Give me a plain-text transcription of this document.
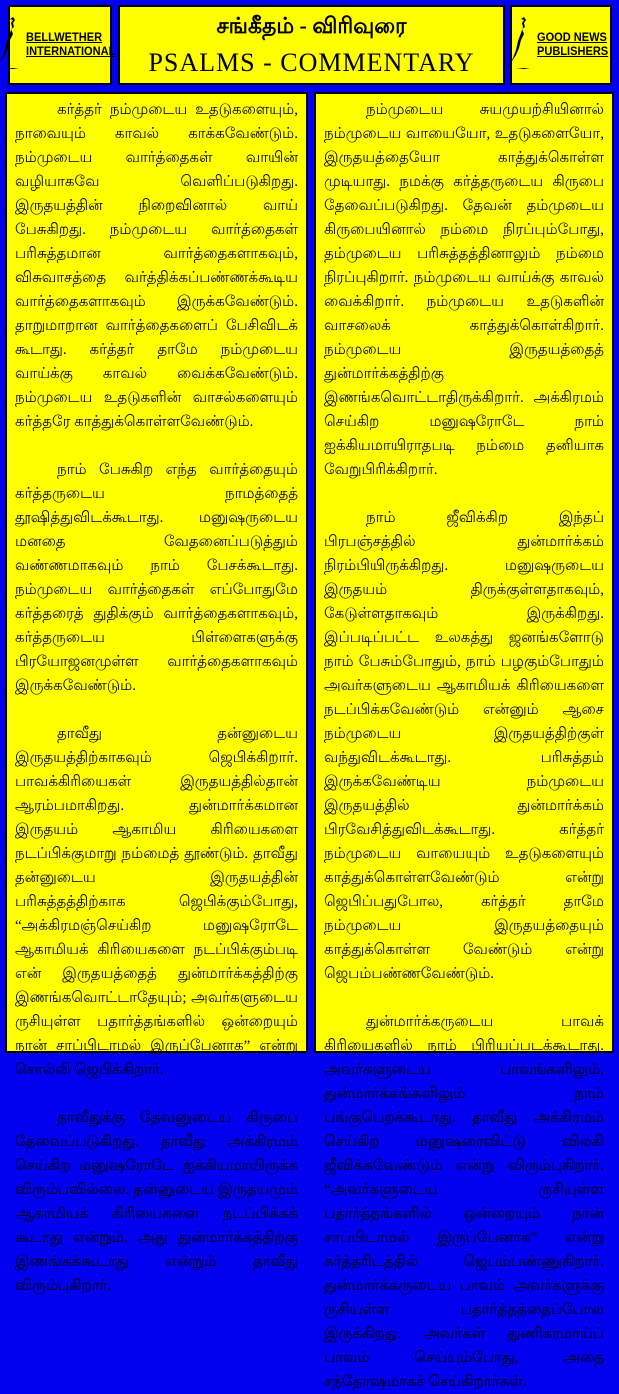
BELLWETHER
INTERNATIONAL
சங்கீதம் - விரிவுரை
PSALMS - COMMENTARY
GOOD NEWS
PUBLISHERS

கர்த்தர் நம்முடைய உதடுகளையும், நாவையும் காவல் காக்கவேண்டும். நம்முடைய வார்த்தைகள் வாயின் வழியாகவே வெளிப்படுகிறது. இருதயத்தின் நிறைவினால் வாய் பேசுகிறது. நம்முடைய வார்த்தைகள் பரிசுத்தமான வார்த்தைகளாகவும், விசுவாசத்தை வர்த்திக்கப்பண்ணக்கூடிய வார்த்தைகளாகவும் இருக்கவேண்டும். தாறுமாறான வார்த்தைகளைப் பேசிவிடக் கூடாது. கர்த்தர் தாமே நம்முடைய வாய்க்கு காவல் வைக்கவேண்டும். நம்முடைய உதடுகளின் வாசல்களையும் கர்த்தரே காத்துக்கொள்ளவேண்டும்.

நாம் பேசுகிற எந்த வார்த்தையும் கர்த்தருடைய நாமத்தைத் தூஷித்துவிடக்கூடாது. மனுஷருடைய மனதை வேதனைப்படுத்தும் வண்ணமாகவும் நாம் பேசக்கூடாது. நம்முடைய வார்த்தைகள் எப்போதுமே கர்த்தரைத் துதிக்கும் வார்த்தைகளாகவும், கர்த்தருடைய பிள்ளைகளுக்கு பிரயோஜனமுள்ள வார்த்தைகளாகவும் இருக்கவேண்டும்.

தாவீது தன்னுடைய இருதயத்திற்காகவும் ஜெபிக்கிறார். பாவக்கிரியைகள் இருதயத்தில்தான் ஆரம்பமாகிறது. துன்மார்க்கமான இருதயம் ஆகாமிய கிரியைகளை நடப்பிக்குமாறு நம்மைத் தூண்டும். தாவீது தன்னுடைய இருதயத்தின் பரிசுத்தத்திற்காக ஜெபிக்கும்போது, “அக்கிரமஞ்செய்கிற மனுஷரோடே ஆகாமியக் கிரியைகளை நடப்பிக்கும்படி என் இருதயத்தைத் துன்மார்க்கத்திற்கு இணங்கவொட்டாதேயும்; அவர்களுடைய ருசியுள்ள பதார்த்தங்களில் ஒன்றையும் நான் சாப்பிடாமல் இருப்பேனாக” என்று சொல்லி ஜெபிக்கிறார்.

தாவீதுக்கு தேவனுடைய கிருபை தேவைப்படுகிறது. தாவீது அக்கிரமம் செய்கிற மனுஷரோடே ஐக்கியமாயிருக்க விரும்பவில்லை. தன்னுடைய இருதயமும் ஆகாமியக் கிரியைகளை நடப்பிக்கக் கூடாது என்றும், அது துன்மார்க்கத்திற்கு இணங்கக்கூடாது என்றும் தாவீது விரும்புகிறார்.

நம்முடைய சுயமுயற்சியினால் நம்முடைய வாயையோ, உதடுகளையோ, இருதயத்தையோ காத்துக்கொள்ள முடியாது. நமக்கு கர்த்தருடைய கிருபை தேவைப்படுகிறது. தேவன் தம்முடைய கிருபையினால் நம்மை நிரப்பும்போது, தம்முடைய பரிசுத்தத்தினாலும் நம்மை நிரப்புகிறார். நம்முடைய வாய்க்கு காவல் வைக்கிறார். நம்முடைய உதடுகளின் வாசலைக் காத்துக்கொள்கிறார். நம்முடைய இருதயத்தைத் துன்மார்க்கத்திற்கு இணங்கவொட்டாதிருக்கிறார். அக்கிரமம் செய்கிற மனுஷரோடே நாம் ஐக்கியமாயிராதபடி நம்மை தனியாக வேறுபிரிக்கிறார்.

நாம் ஜீவிக்கிற இந்தப் பிரபஞ்சத்தில் துன்மார்க்கம் நிரம்பியிருக்கிறது. மனுஷருடைய இருதயம் திருக்குள்ளதாகவும், கேடுள்ளதாகவும் இருக்கிறது. இப்படிப்பட்ட உலகத்து ஜனங்களோடு நாம் பேசும்போதும், நாம் பழகும்போதும் அவர்களுடைய ஆகாமியக் கிரியைகளை நடப்பிக்கவேண்டும் என்னும் ஆசை நம்முடைய இருதயத்திற்குள் வந்துவிடக்கூடாது. பரிசுத்தம் இருக்கவேண்டிய நம்முடைய இருதயத்தில் துன்மார்க்கம் பிரவேசித்துவிடக்கூடாது. கர்த்தர் நம்முடைய வாயையும் உதடுகளையும் காத்துக்கொள்ளவேண்டும் என்று ஜெபிப்பதுபோல, கர்த்தர் தாமே நம்முடைய இருதயத்தையும் காத்துக்கொள்ள வேண்டும் என்று ஜெபம்பண்ணவேண்டும்.

துன்மார்க்கருடைய பாவக் கிரியைகளில் நாம் பிரியப்படக்கூடாது. அவர்களுடைய பாவங்களிலும், துன்மார்க்கங்களிலும் நாம் பங்குபெறக்கூடாது. தாவீது அக்கிரமம் செய்கிற மனுஷரைவிட்டு விலகி ஜீவிக்கவேண்டும் என்று விரும்புகிறார். “அவர்களுடைய ருசியுள்ள பதார்த்தங்களில் ஒன்றையும் நான் சாப்பிடாமல் இருப்பேனாக” என்று கர்த்தரிடத்தில் ஜெபம்பண்ணுகிறார். துன்மார்க்கருடைய பாவம் அவர்களுக்கு ருசியுள்ள பதார்த்தத்தைப்போல இருக்கிறது. அவர்கள் துணிகரமாய்ப் பாவம் செய்யும்போது, அதை சந்தோஷமாகச் செய்கிறார்கள்.
